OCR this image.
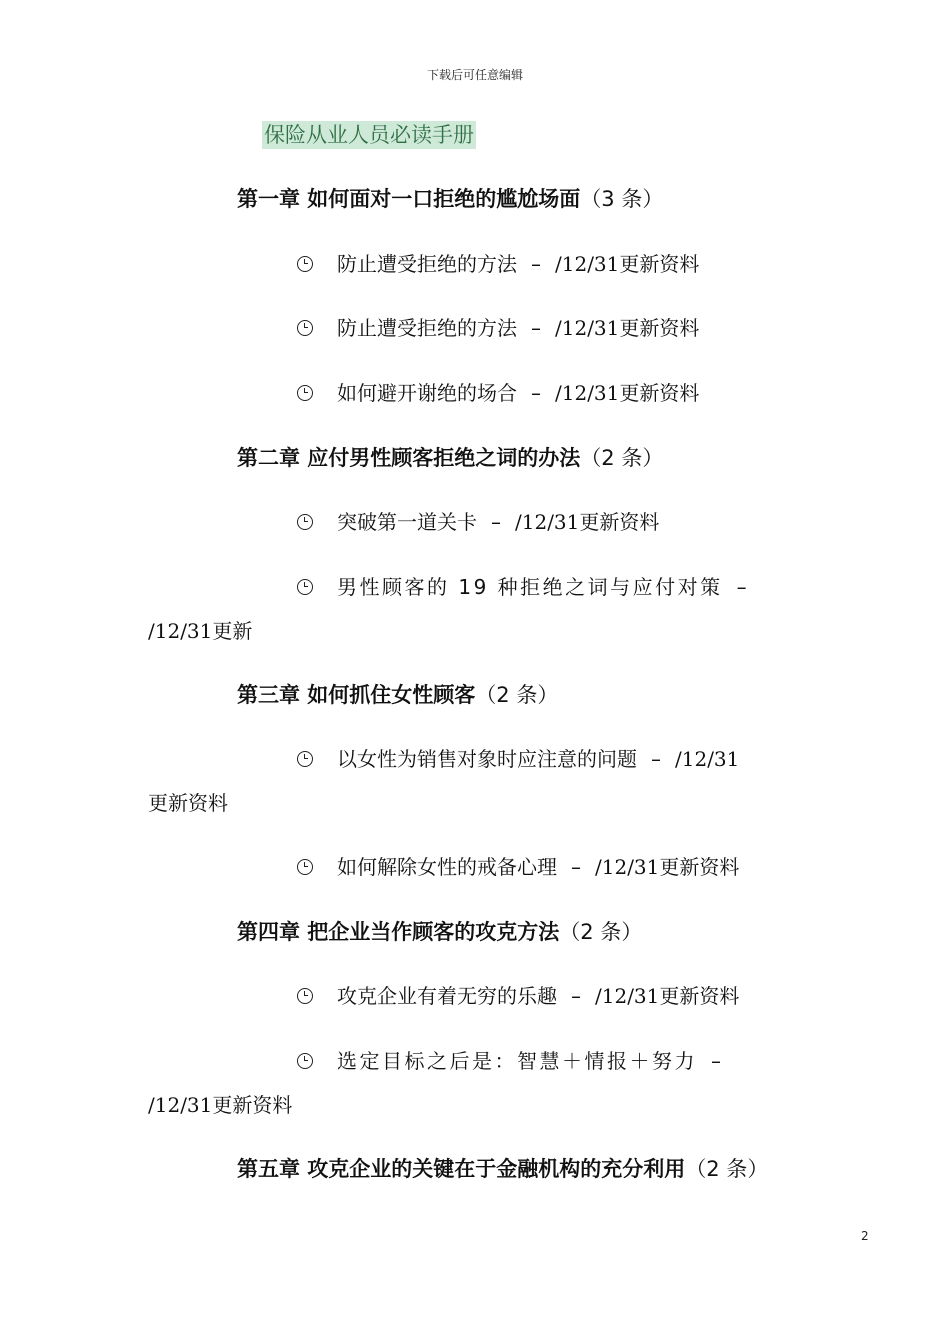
下载后可任意编辑
保险从业人员必读手册
第一章 如何面对一口拒绝的尴尬场面（3 条）
防止遭受拒绝的方法 – /12/31更新资料
防止遭受拒绝的方法 – /12/31更新资料
如何避开谢绝的场合 – /12/31更新资料
第二章 应付男性顾客拒绝之词的办法（2 条）
突破第一道关卡 – /12/31更新资料
男性顾客的 19 种拒绝之词与应付对策 –
/12/31更新
第三章 如何抓住女性顾客（2 条）
以女性为销售对象时应注意的问题 – /12/31
更新资料
如何解除女性的戒备心理 – /12/31更新资料
第四章 把企业当作顾客的攻克方法（2 条）
攻克企业有着无穷的乐趣 – /12/31更新资料
选定目标之后是：智慧＋情报＋努力 –
/12/31更新资料
第五章 攻克企业的关键在于金融机构的充分利用（2 条）
2
